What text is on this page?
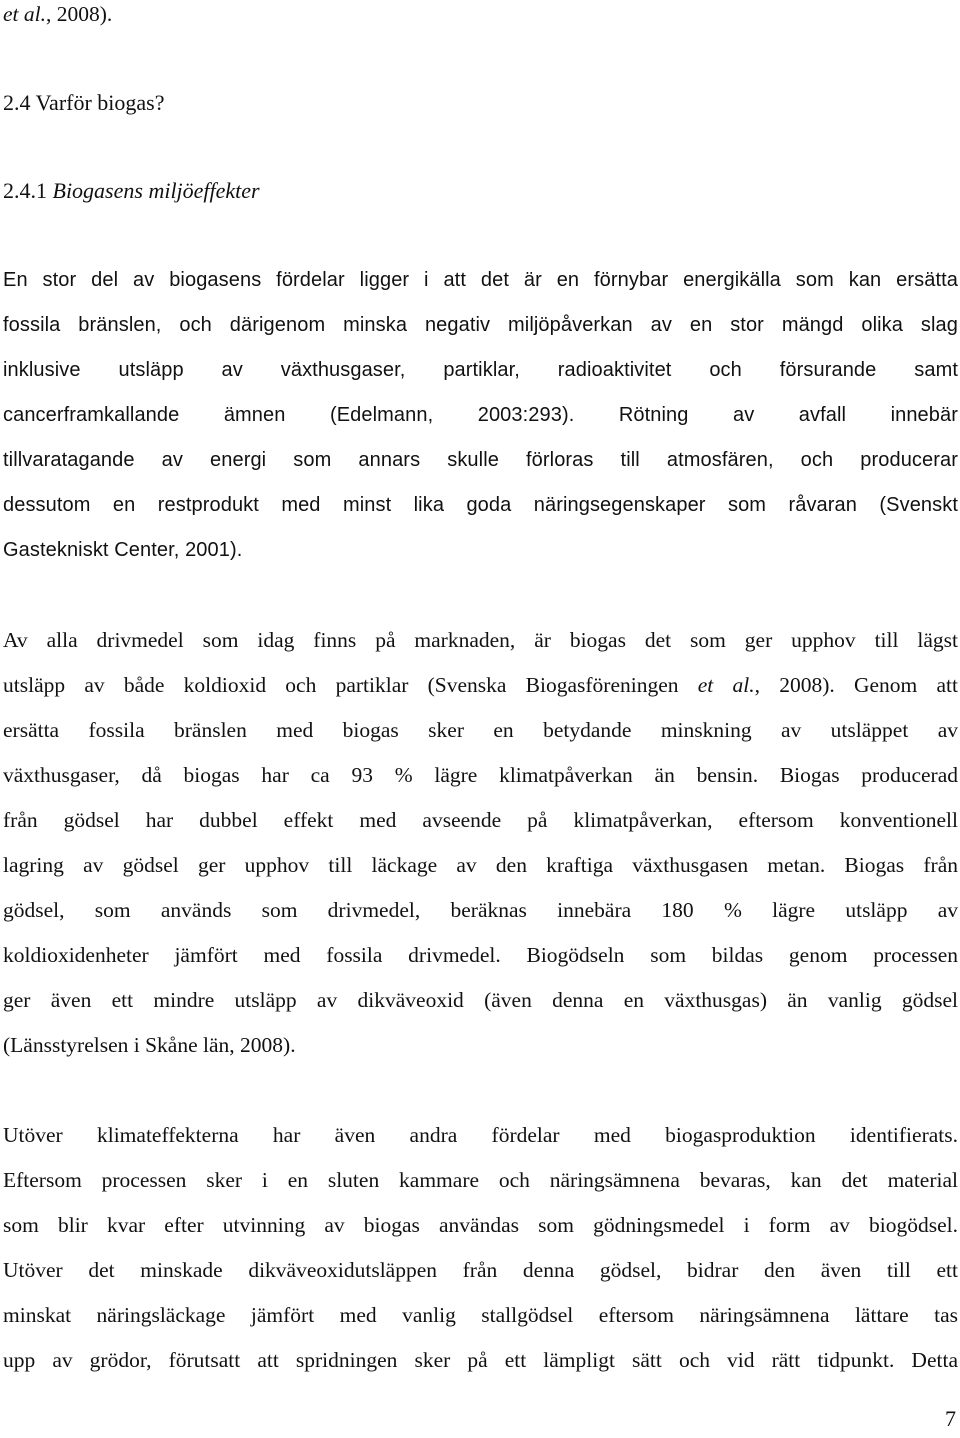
et al., 2008).
2.4 Varför biogas?
2.4.1 Biogasens miljöeffekter
En stor del av biogasens fördelar ligger i att det är en förnybar energikälla som kan ersätta
fossila bränslen, och därigenom minska negativ miljöpåverkan av en stor mängd olika slag
inklusive utsläpp av växthusgaser, partiklar, radioaktivitet och försurande samt
cancerframkallande ämnen (Edelmann, 2003:293). Rötning av avfall innebär
tillvaratagande av energi som annars skulle förloras till atmosfären, och producerar
dessutom en restprodukt med minst lika goda näringsegenskaper som råvaran (Svenskt
Gastekniskt Center, 2001).
Av alla drivmedel som idag finns på marknaden, är biogas det som ger upphov till lägst
utsläpp av både koldioxid och partiklar (Svenska Biogasföreningen et al., 2008). Genom att
ersätta fossila bränslen med biogas sker en betydande minskning av utsläppet av
växthusgaser, då biogas har ca 93 % lägre klimatpåverkan än bensin. Biogas producerad
från gödsel har dubbel effekt med avseende på klimatpåverkan, eftersom konventionell
lagring av gödsel ger upphov till läckage av den kraftiga växthusgasen metan. Biogas från
gödsel, som används som drivmedel, beräknas innebära 180 % lägre utsläpp av
koldioxidenheter jämfört med fossila drivmedel. Biogödseln som bildas genom processen
ger även ett mindre utsläpp av dikväveoxid (även denna en växthusgas) än vanlig gödsel
(Länsstyrelsen i Skåne län, 2008).
Utöver klimateffekterna har även andra fördelar med biogasproduktion identifierats.
Eftersom processen sker i en sluten kammare och näringsämnena bevaras, kan det material
som blir kvar efter utvinning av biogas användas som gödningsmedel i form av biogödsel.
Utöver det minskade dikväveoxidutsläppen från denna gödsel, bidrar den även till ett
minskat näringsläckage jämfört med vanlig stallgödsel eftersom näringsämnena lättare tas
upp av grödor, förutsatt att spridningen sker på ett lämpligt sätt och vid rätt tidpunkt. Detta
7
